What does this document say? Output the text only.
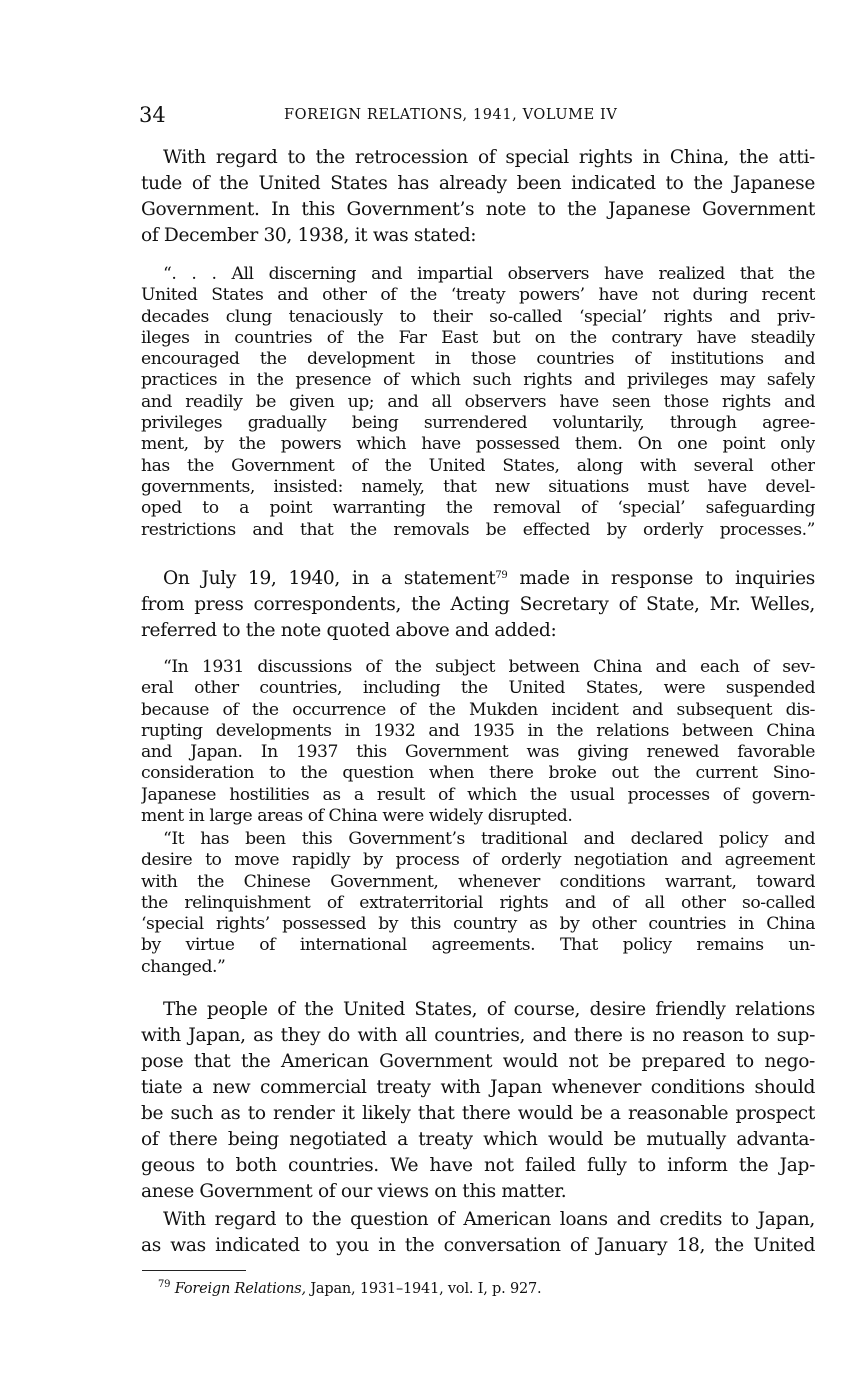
34	FOREIGN RELATIONS, 1941, VOLUME IV
With regard to the retrocession of special rights in China, the atti-
tude of the United States has already been indicated to the Japanese
Government. In this Government’s note to the Japanese Government
of December 30, 1938, it was stated:
“. . . All discerning and impartial observers have realized that the
United States and other of the ‘treaty powers’ have not during recent
decades clung tenaciously to their so-called ‘special’ rights and priv-
ileges in countries of the Far East but on the contrary have steadily
encouraged the development in those countries of institutions and
practices in the presence of which such rights and privileges may safely
and readily be given up; and all observers have seen those rights and
privileges gradually being surrendered voluntarily, through agree-
ment, by the powers which have possessed them. On one point only
has the Government of the United States, along with several other
governments, insisted: namely, that new situations must have devel-
oped to a point warranting the removal of ‘special’ safeguarding
restrictions and that the removals be effected by orderly processes.”
On July 19, 1940, in a statement$^{79}$ made in response to inquiries
from press correspondents, the Acting Secretary of State, Mr. Welles,
referred to the note quoted above and added:
“In 1931 discussions of the subject between China and each of sev-
eral other countries, including the United States, were suspended
because of the occurrence of the Mukden incident and subsequent dis-
rupting developments in 1932 and 1935 in the relations between China
and Japan. In 1937 this Government was giving renewed favorable
consideration to the question when there broke out the current Sino-
Japanese hostilities as a result of which the usual processes of govern-
ment in large areas of China were widely disrupted.
“It has been this Government’s traditional and declared policy and
desire to move rapidly by process of orderly negotiation and agreement
with the Chinese Government, whenever conditions warrant, toward
the relinquishment of extraterritorial rights and of all other so-called
‘special rights’ possessed by this country as by other countries in China
by virtue of international agreements. That policy remains un-
changed.”
The people of the United States, of course, desire friendly relations
with Japan, as they do with all countries, and there is no reason to sup-
pose that the American Government would not be prepared to nego-
tiate a new commercial treaty with Japan whenever conditions should
be such as to render it likely that there would be a reasonable prospect
of there being negotiated a treaty which would be mutually advanta-
geous to both countries. We have not failed fully to inform the Jap-
anese Government of our views on this matter.
With regard to the question of American loans and credits to Japan,
as was indicated to you in the conversation of January 18, the United
$^{79}$ Foreign Relations, Japan, 1931–1941, vol. I, p. 927.
